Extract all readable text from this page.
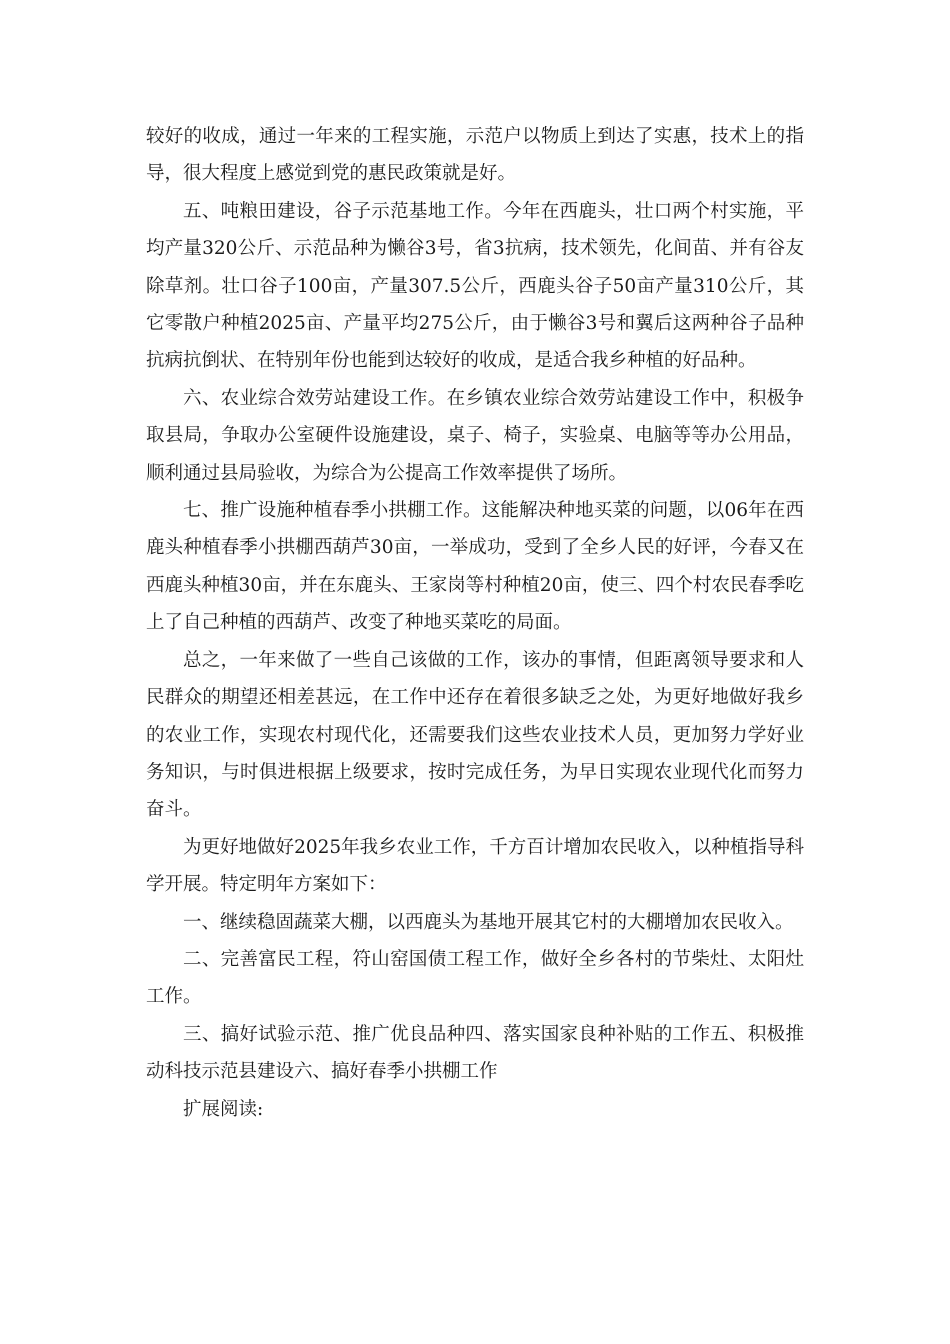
较好的收成，通过一年来的工程实施，示范户以物质上到达了实惠，技术上的指导，很大程度上感觉到党的惠民政策就是好。

五、吨粮田建设，谷子示范基地工作。今年在西鹿头，壮口两个村实施，平均产量320公斤、示范品种为懒谷3号，省3抗病，技术领先，化间苗、并有谷友除草剂。壮口谷子100亩，产量307.5公斤，西鹿头谷子50亩产量310公斤，其它零散户种植2025亩、产量平均275公斤，由于懒谷3号和翼后这两种谷子品种抗病抗倒状、在特别年份也能到达较好的收成，是适合我乡种植的好品种。

六、农业综合效劳站建设工作。在乡镇农业综合效劳站建设工作中，积极争取县局，争取办公室硬件设施建设，桌子、椅子，实验桌、电脑等等办公用品，顺利通过县局验收，为综合为公提高工作效率提供了场所。

七、推广设施种植春季小拱棚工作。这能解决种地买菜的问题，以06年在西鹿头种植春季小拱棚西葫芦30亩，一举成功，受到了全乡人民的好评，今春又在西鹿头种植30亩，并在东鹿头、王家岗等村种植20亩，使三、四个村农民春季吃上了自己种植的西葫芦、改变了种地买菜吃的局面。

总之，一年来做了一些自己该做的工作，该办的事情，但距离领导要求和人民群众的期望还相差甚远，在工作中还存在着很多缺乏之处，为更好地做好我乡的农业工作，实现农村现代化，还需要我们这些农业技术人员，更加努力学好业务知识，与时俱进根据上级要求，按时完成任务，为早日实现农业现代化而努力奋斗。

为更好地做好2025年我乡农业工作，千方百计增加农民收入，以种植指导科学开展。特定明年方案如下：

一、继续稳固蔬菜大棚，以西鹿头为基地开展其它村的大棚增加农民收入。

二、完善富民工程，符山窑国债工程工作，做好全乡各村的节柴灶、太阳灶工作。

三、搞好试验示范、推广优良品种四、落实国家良种补贴的工作五、积极推动科技示范县建设六、搞好春季小拱棚工作

扩展阅读:
